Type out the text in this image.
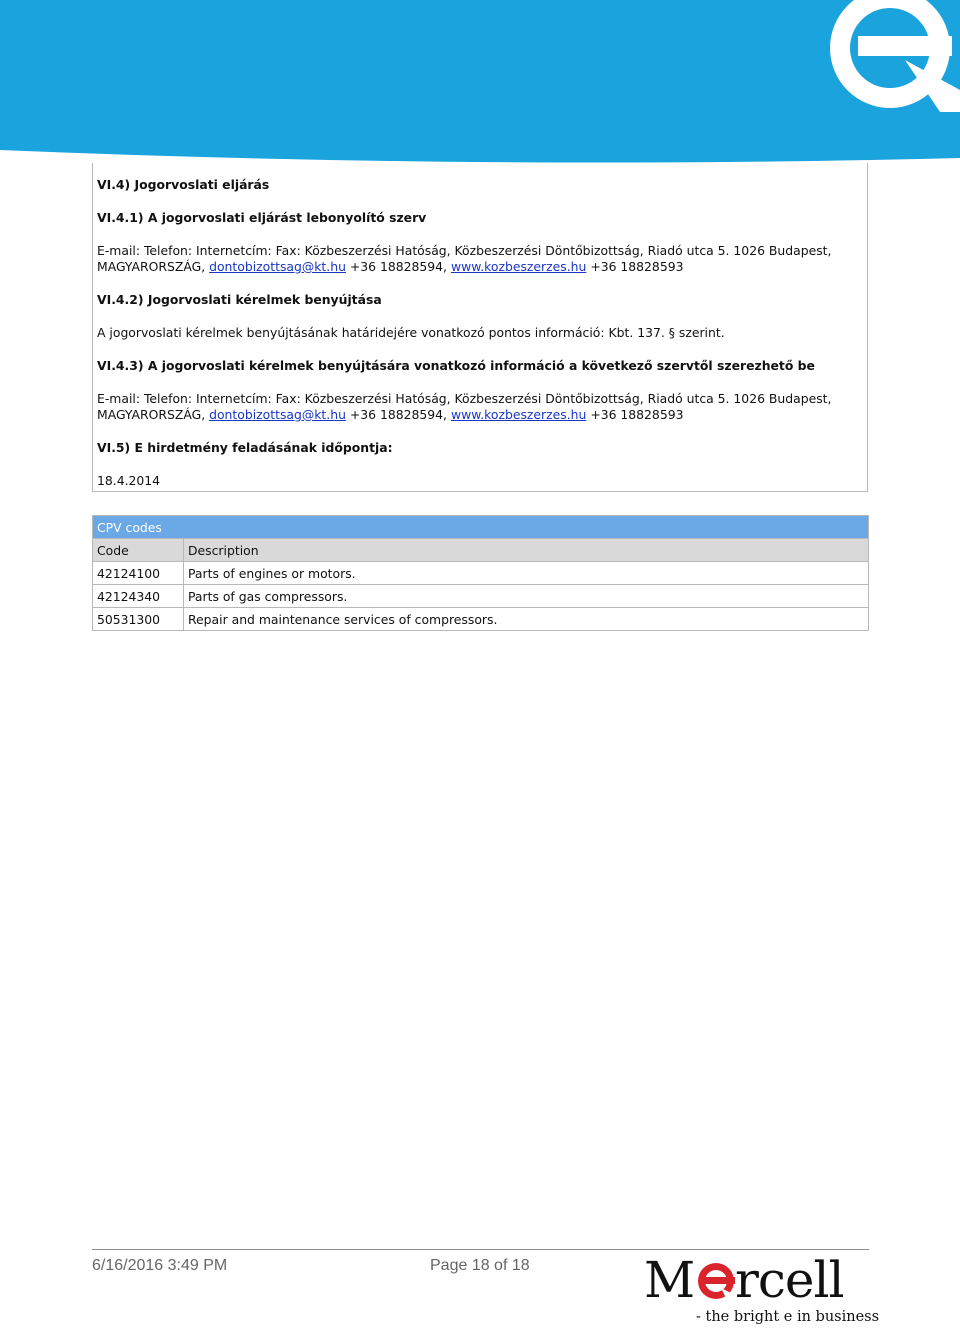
VI.4) Jogorvoslati eljárás
VI.4.1) A jogorvoslati eljárást lebonyolító szerv
E-mail: Telefon: Internetcím: Fax: Közbeszerzési Hatóság, Közbeszerzési Döntőbizottság, Riadó utca 5. 1026 Budapest,
MAGYARORSZÁG, dontobizottsag@kt.hu +36 18828594, www.kozbeszerzes.hu +36 18828593
VI.4.2) Jogorvoslati kérelmek benyújtása
A jogorvoslati kérelmek benyújtásának határidejére vonatkozó pontos információ: Kbt. 137. § szerint.
VI.4.3) A jogorvoslati kérelmek benyújtására vonatkozó információ a következő szervtől szerezhető be
E-mail: Telefon: Internetcím: Fax: Közbeszerzési Hatóság, Közbeszerzési Döntőbizottság, Riadó utca 5. 1026 Budapest,
MAGYARORSZÁG, dontobizottsag@kt.hu +36 18828594, www.kozbeszerzes.hu +36 18828593
VI.5) E hirdetmény feladásának időpontja:
18.4.2014
CPV codes	
Code	Description
42124100	Parts of engines or motors.
42124340	Parts of gas compressors.
50531300	Repair and maintenance services of compressors.
6/16/2016 3:49 PM	Page 18 of 18 M rcell
- the bright e in business
